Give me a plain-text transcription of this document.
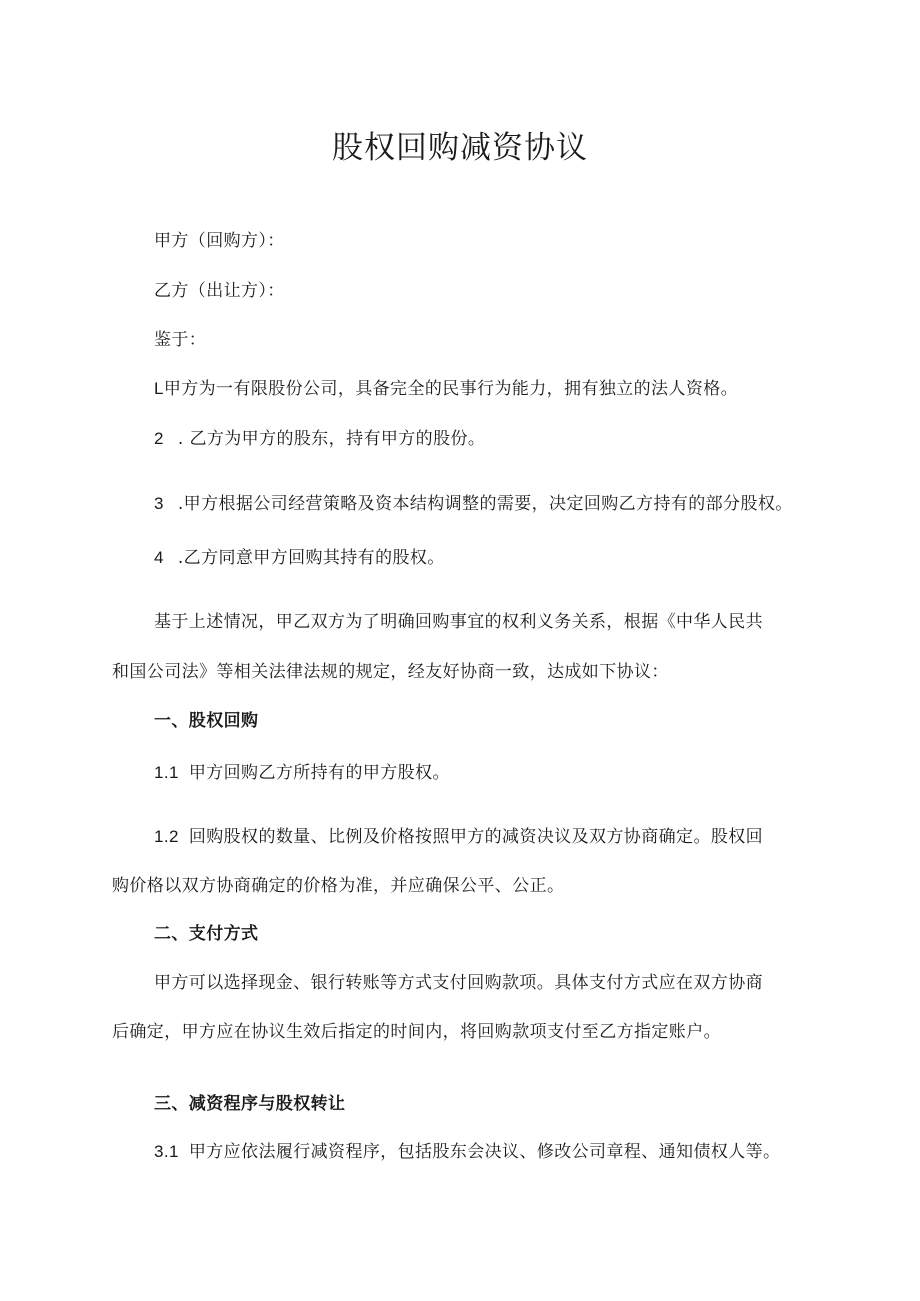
股权回购减资协议
甲方（回购方）：
乙方（出让方）：
鉴于：
L甲方为一有限股份公司，具备完全的民事行为能力，拥有独立的法人资格。
2 . 乙方为甲方的股东，持有甲方的股份。
3 .甲方根据公司经营策略及资本结构调整的需要，决定回购乙方持有的部分股权。
4 .乙方同意甲方回购其持有的股权。
基于上述情况，甲乙双方为了明确回购事宜的权利义务关系，根据《中华人民共
和国公司法》等相关法律法规的规定，经友好协商一致，达成如下协议：
一、股权回购
1.1 甲方回购乙方所持有的甲方股权。
1.2 回购股权的数量、比例及价格按照甲方的减资决议及双方协商确定。股权回
购价格以双方协商确定的价格为准，并应确保公平、公正。
二、支付方式
甲方可以选择现金、银行转账等方式支付回购款项。具体支付方式应在双方协商
后确定，甲方应在协议生效后指定的时间内，将回购款项支付至乙方指定账户。
三、减资程序与股权转让
3.1 甲方应依法履行减资程序，包括股东会决议、修改公司章程、通知债权人等。
